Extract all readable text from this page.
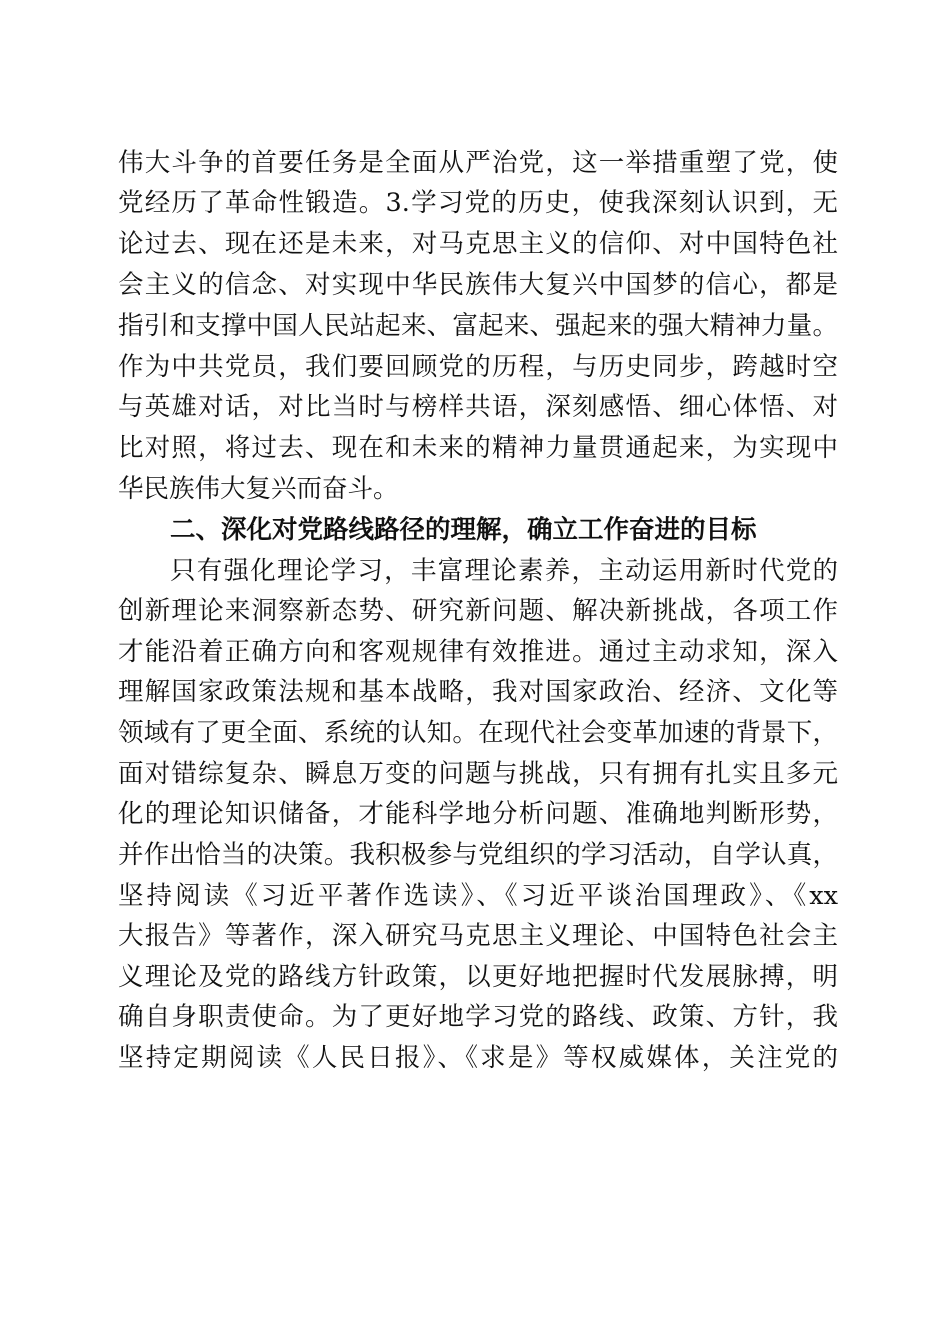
伟大斗争的首要任务是全面从严治党，这一举措重塑了党，使
党经历了革命性锻造。3.学习党的历史，使我深刻认识到，无
论过去、现在还是未来，对马克思主义的信仰、对中国特色社
会主义的信念、对实现中华民族伟大复兴中国梦的信心，都是
指引和支撑中国人民站起来、富起来、强起来的强大精神力量。
作为中共党员，我们要回顾党的历程，与历史同步，跨越时空
与英雄对话，对比当时与榜样共语，深刻感悟、细心体悟、对
比对照，将过去、现在和未来的精神力量贯通起来，为实现中
华民族伟大复兴而奋斗。
二、深化对党路线路径的理解，确立工作奋进的目标
只有强化理论学习，丰富理论素养，主动运用新时代党的
创新理论来洞察新态势、研究新问题、解决新挑战，各项工作
才能沿着正确方向和客观规律有效推进。通过主动求知，深入
理解国家政策法规和基本战略，我对国家政治、经济、文化等
领域有了更全面、系统的认知。在现代社会变革加速的背景下，
面对错综复杂、瞬息万变的问题与挑战，只有拥有扎实且多元
化的理论知识储备，才能科学地分析问题、准确地判断形势，
并作出恰当的决策。我积极参与党组织的学习活动，自学认真，
坚持阅读《习近平著作选读》、《习近平谈治国理政》、《xx
大报告》等著作，深入研究马克思主义理论、中国特色社会主
义理论及党的路线方针政策，以更好地把握时代发展脉搏，明
确自身职责使命。为了更好地学习党的路线、政策、方针，我
坚持定期阅读《人民日报》、《求是》等权威媒体，关注党的
